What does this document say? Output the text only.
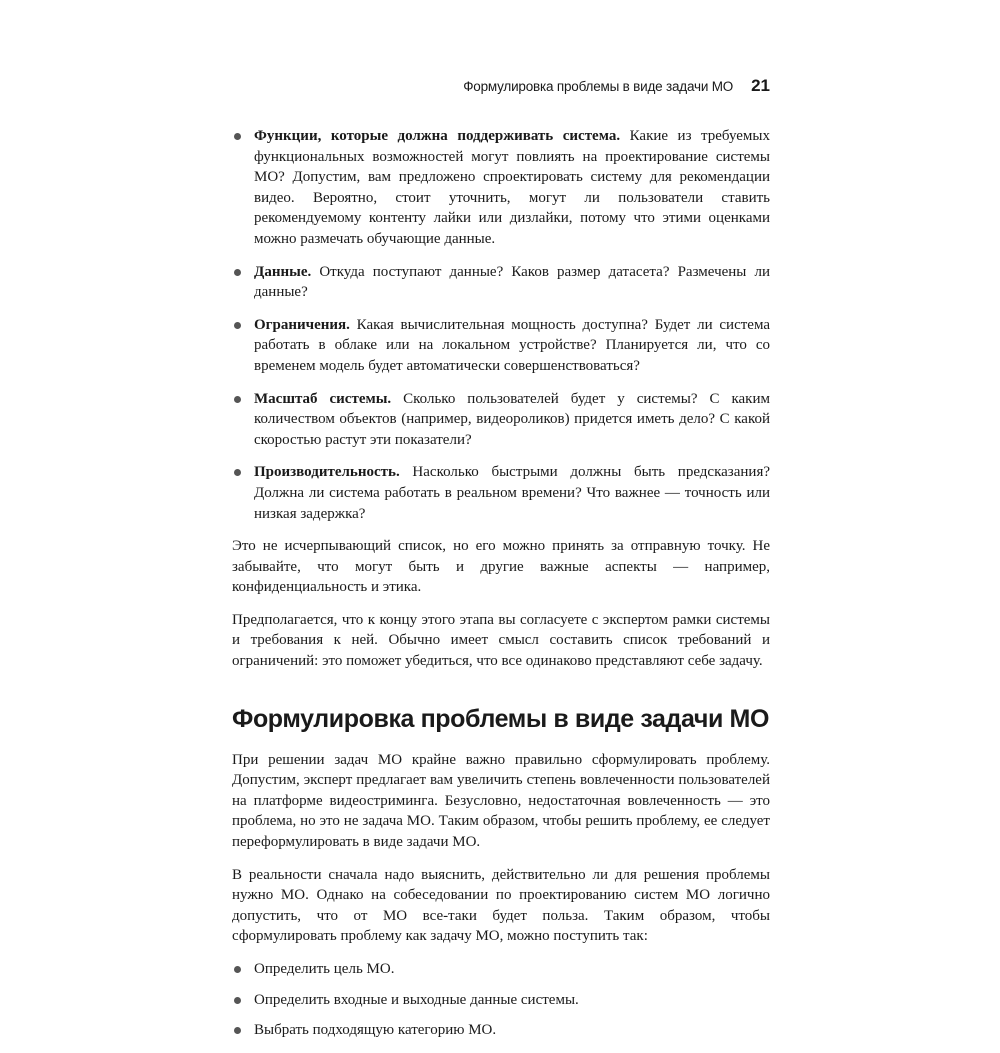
Формулировка проблемы в виде задачи МО 21
Функции, которые должна поддерживать система. Какие из требуемых функциональных возможностей могут повлиять на проектирование системы МО? Допустим, вам предложено спроектировать систему для рекомендации видео. Вероятно, стоит уточнить, могут ли пользователи ставить рекомендуемому контенту лайки или дизлайки, потому что этими оценками можно размечать обучающие данные.
Данные. Откуда поступают данные? Каков размер датасета? Размечены ли данные?
Ограничения. Какая вычислительная мощность доступна? Будет ли система работать в облаке или на локальном устройстве? Планируется ли, что со временем модель будет автоматически совершенствоваться?
Масштаб системы. Сколько пользователей будет у системы? С каким количеством объектов (например, видеороликов) придется иметь дело? С какой скоростью растут эти показатели?
Производительность. Насколько быстрыми должны быть предсказания? Должна ли система работать в реальном времени? Что важнее — точность или низкая задержка?

Это не исчерпывающий список, но его можно принять за отправную точку. Не забывайте, что могут быть и другие важные аспекты — например, конфиденциальность и этика.

Предполагается, что к концу этого этапа вы согласуете с экспертом рамки системы и требования к ней. Обычно имеет смысл составить список требований и ограничений: это поможет убедиться, что все одинаково представляют себе задачу.

Формулировка проблемы в виде задачи МО

При решении задач МО крайне важно правильно сформулировать проблему. Допустим, эксперт предлагает вам увеличить степень вовлеченности пользователей на платформе видеостриминга. Безусловно, недостаточная вовлеченность — это проблема, но это не задача МО. Таким образом, чтобы решить проблему, ее следует переформулировать в виде задачи МО.

В реальности сначала надо выяснить, действительно ли для решения проблемы нужно МО. Однако на собеседовании по проектированию систем МО логично допустить, что от МО все-таки будет польза. Таким образом, чтобы сформулировать проблему как задачу МО, можно поступить так:

Определить цель МО.
Определить входные и выходные данные системы.
Выбрать подходящую категорию МО.
